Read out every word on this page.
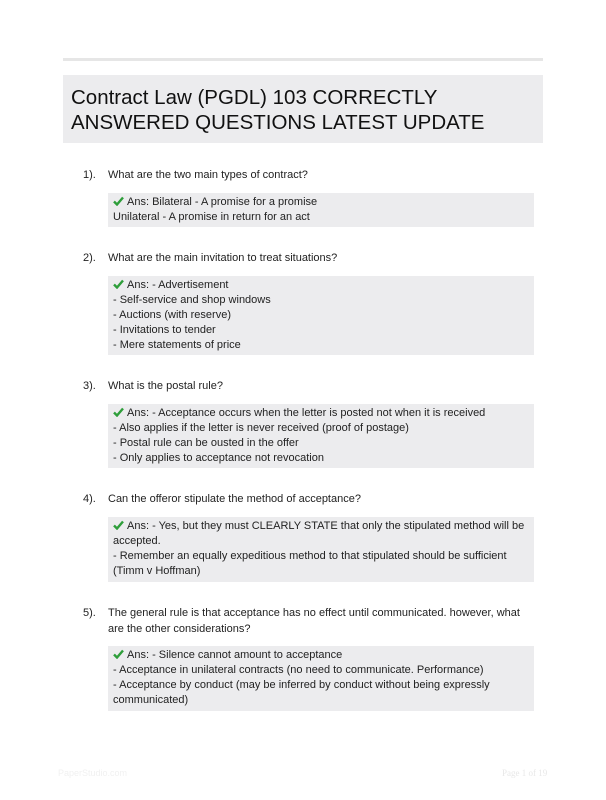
Contract Law (PGDL) 103 CORRECTLY
ANSWERED QUESTIONS LATEST UPDATE
1). What are the two main types of contract?
Ans: Bilateral - A promise for a promise
Unilateral - A promise in return for an act
2). What are the main invitation to treat situations?
Ans: - Advertisement
- Self-service and shop windows
- Auctions (with reserve)
- Invitations to tender
- Mere statements of price
3). What is the postal rule?
Ans: - Acceptance occurs when the letter is posted not when it is received
- Also applies if the letter is never received (proof of postage)
- Postal rule can be ousted in the offer
- Only applies to acceptance not revocation
4). Can the offeror stipulate the method of acceptance?
Ans: - Yes, but they must CLEARLY STATE that only the stipulated method will be accepted.
- Remember an equally expeditious method to that stipulated should be sufficient (Timm v Hoffman)
5). The general rule is that acceptance has no effect until communicated. however, what are the other considerations?
Ans: - Silence cannot amount to acceptance
- Acceptance in unilateral contracts (no need to communicate. Performance)
- Acceptance by conduct (may be inferred by conduct without being expressly communicated)
PaperStudio.com	Page 1 of 19
